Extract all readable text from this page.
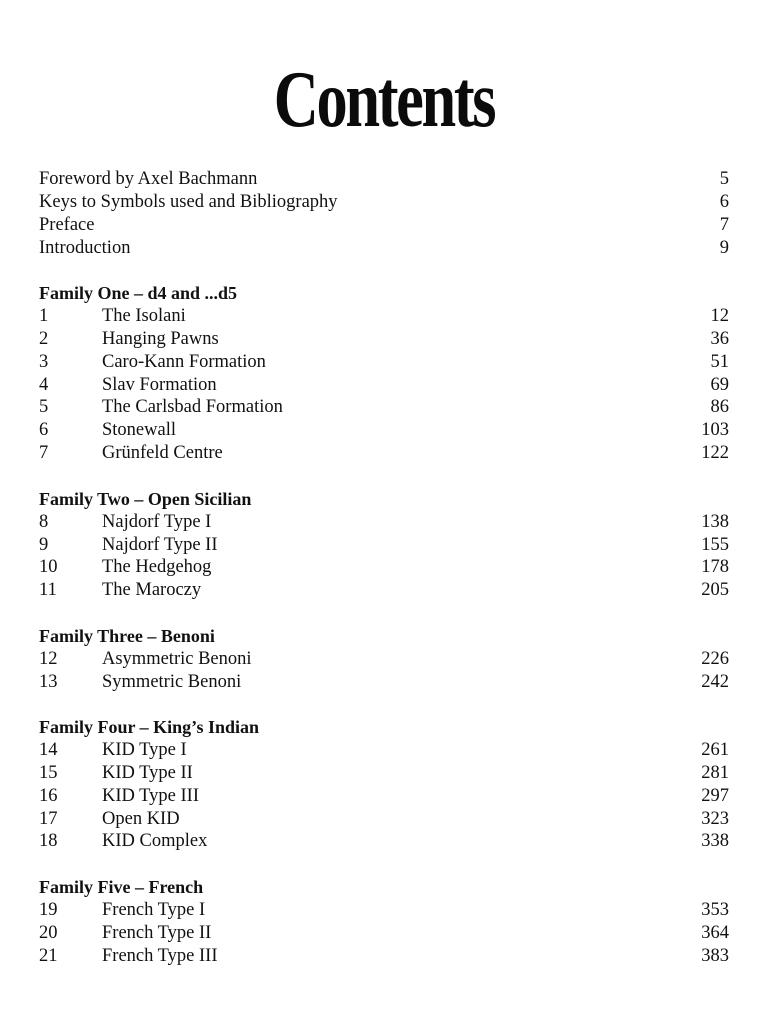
Contents
Foreword by Axel Bachmann	5
Keys to Symbols used and Bibliography	6
Preface	7
Introduction	9
Family One – d4 and ...d5
1	The Isolani	12
2	Hanging Pawns	36
3	Caro-Kann Formation	51
4	Slav Formation	69
5	The Carlsbad Formation	86
6	Stonewall	103
7	Grünfeld Centre	122
Family Two – Open Sicilian
8	Najdorf Type I	138
9	Najdorf Type II	155
10 The Hedgehog	178
11 The Maroczy	205
Family Three – Benoni
12 Asymmetric Benoni	226
13 Symmetric Benoni	242
Family Four – King’s Indian
14 KID Type I	261
15 KID Type II	281
16 KID Type III	297
17 Open KID	323
18 KID Complex	338
Family Five – French
19 French Type I	353
20 French Type II	364
21 French Type III	383
